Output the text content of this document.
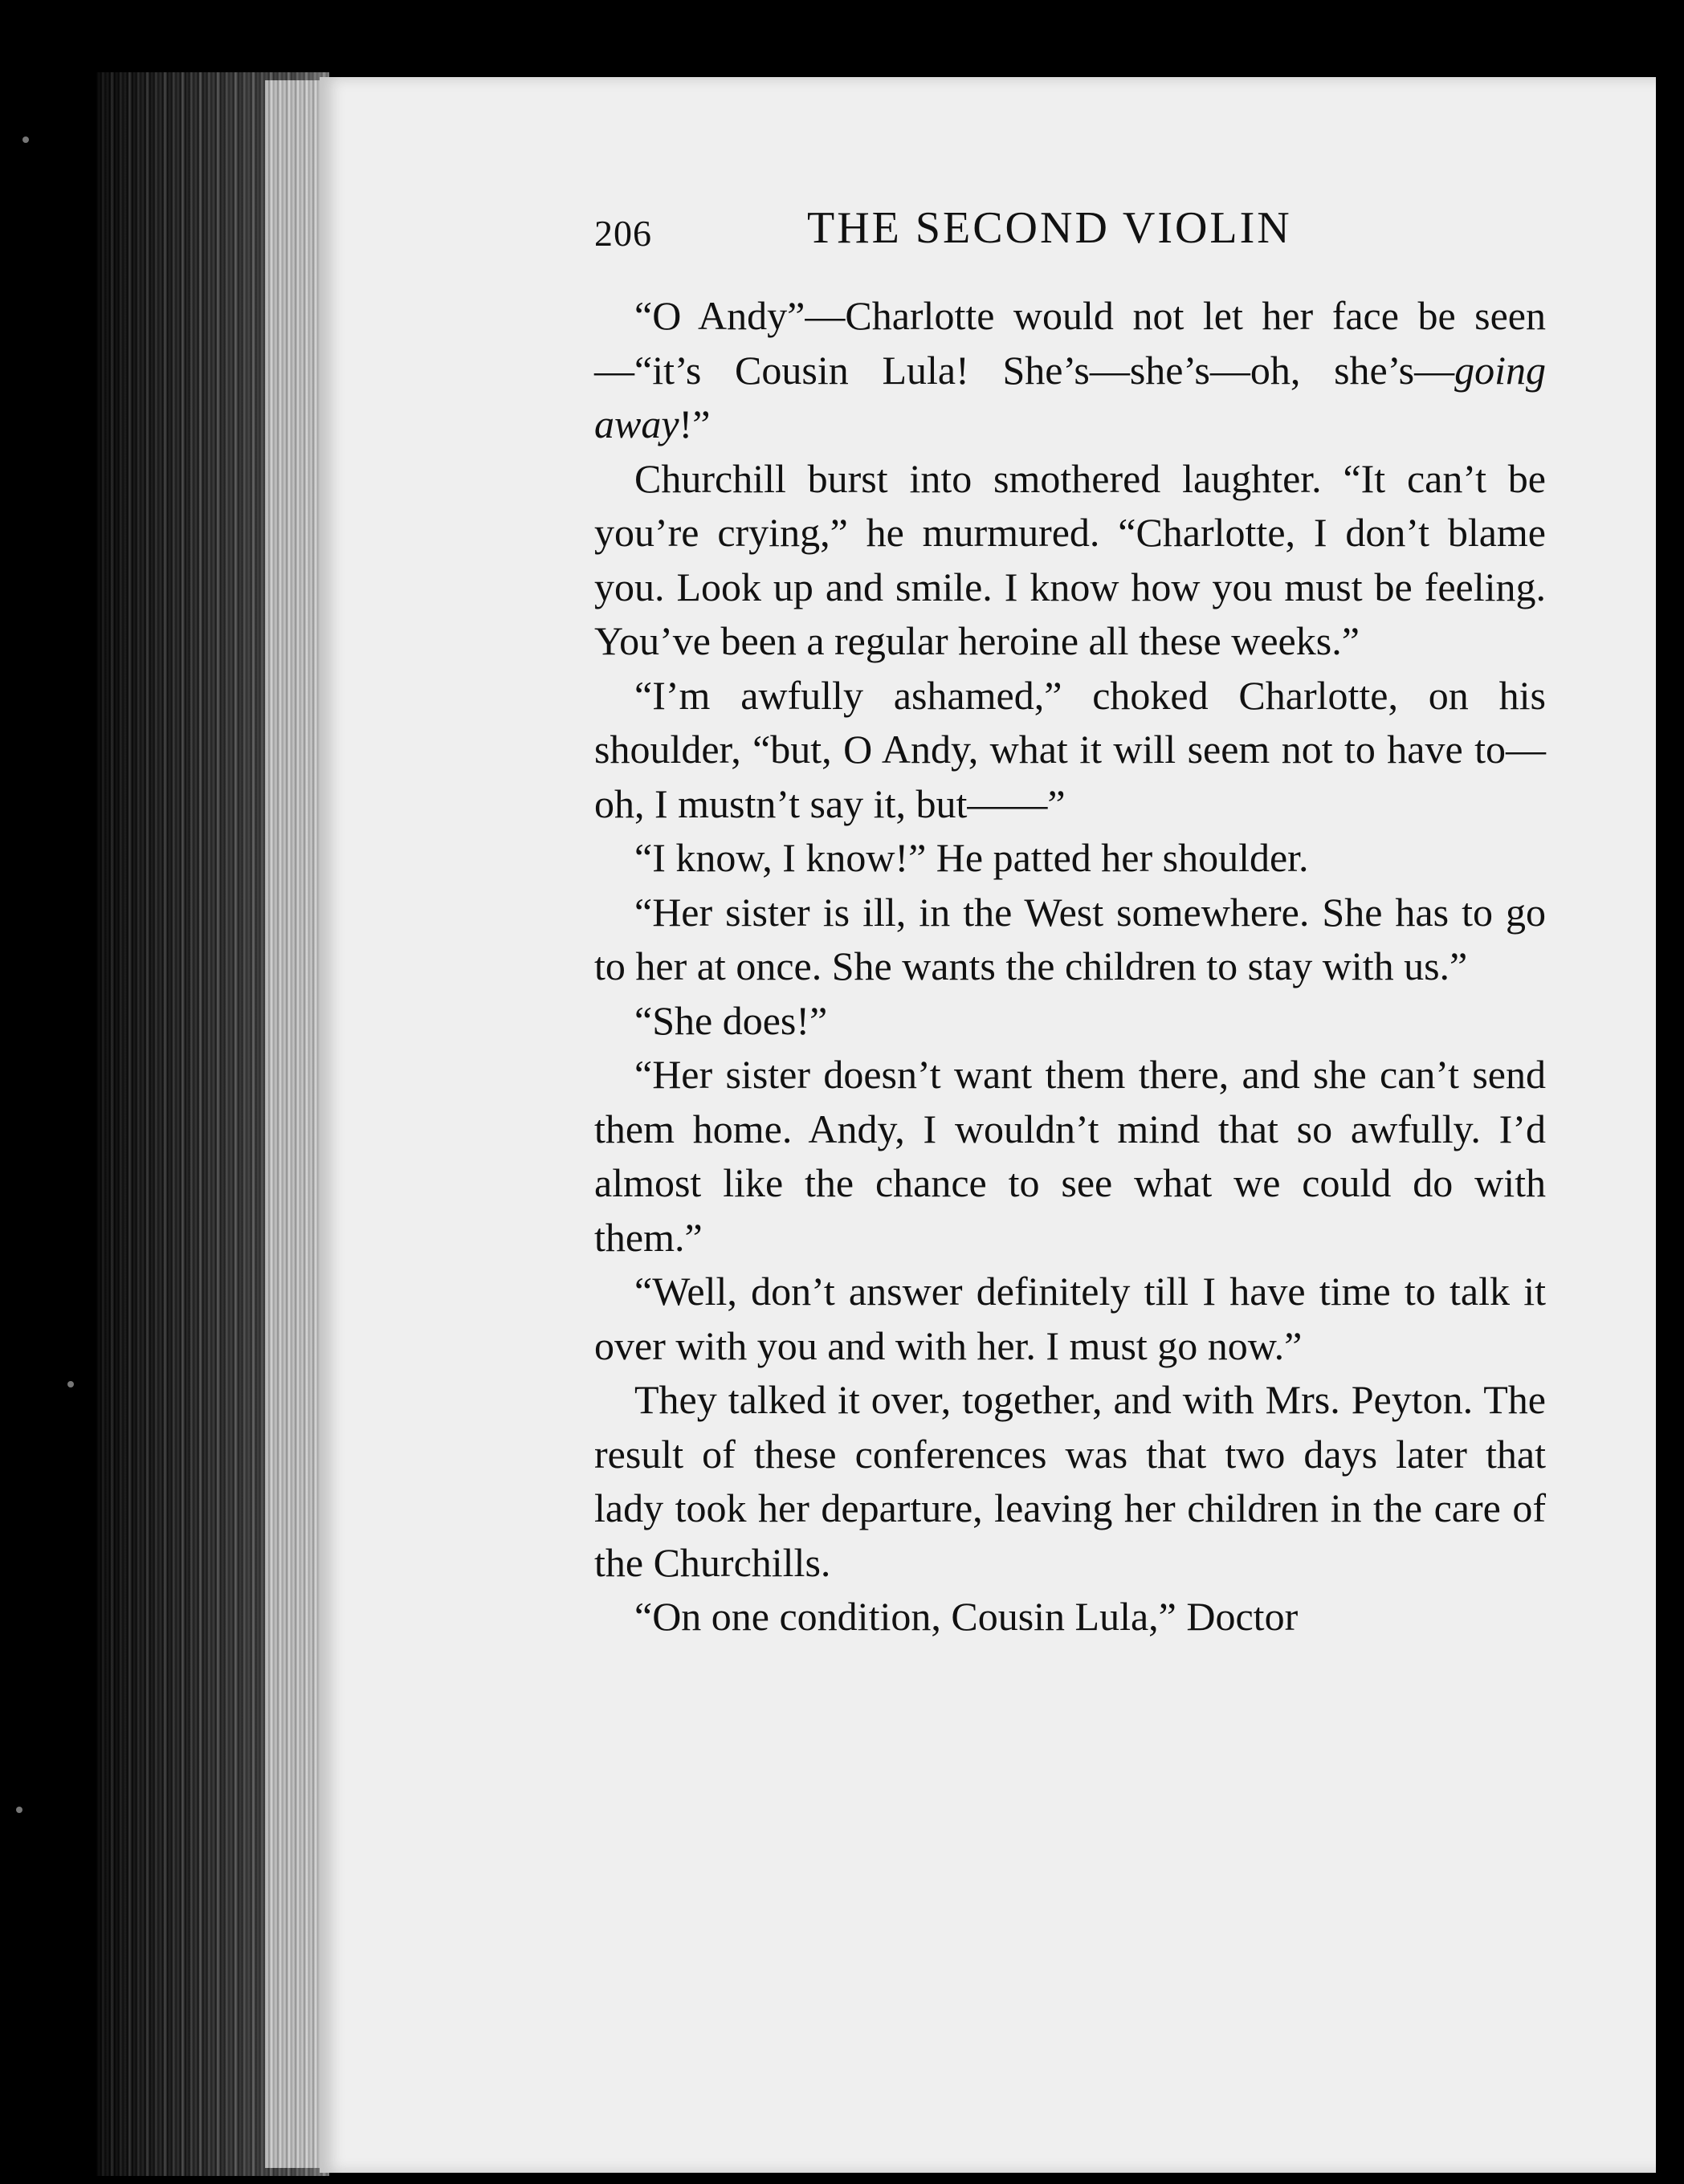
206	THE SECOND VIOLIN

“O Andy”—Charlotte would not let her face be seen—“it’s Cousin Lula! She’s—she’s—oh, she’s—going away!”

Churchill burst into smothered laughter. “It can’t be you’re crying,” he murmured. “Charlotte, I don’t blame you. Look up and smile. I know how you must be feeling. You’ve been a regular heroine all these weeks.”

“I’m awfully ashamed,” choked Charlotte, on his shoulder, “but, O Andy, what it will seem not to have to—oh, I mustn’t say it, but——”

“I know, I know!” He patted her shoulder.

“Her sister is ill, in the West somewhere. She has to go to her at once. She wants the children to stay with us.”

“She does!”

“Her sister doesn’t want them there, and she can’t send them home. Andy, I wouldn’t mind that so awfully. I’d almost like the chance to see what we could do with them.”

“Well, don’t answer definitely till I have time to talk it over with you and with her. I must go now.”

They talked it over, together, and with Mrs. Peyton. The result of these conferences was that two days later that lady took her departure, leaving her children in the care of the Churchills.

“On one condition, Cousin Lula,” Doctor
